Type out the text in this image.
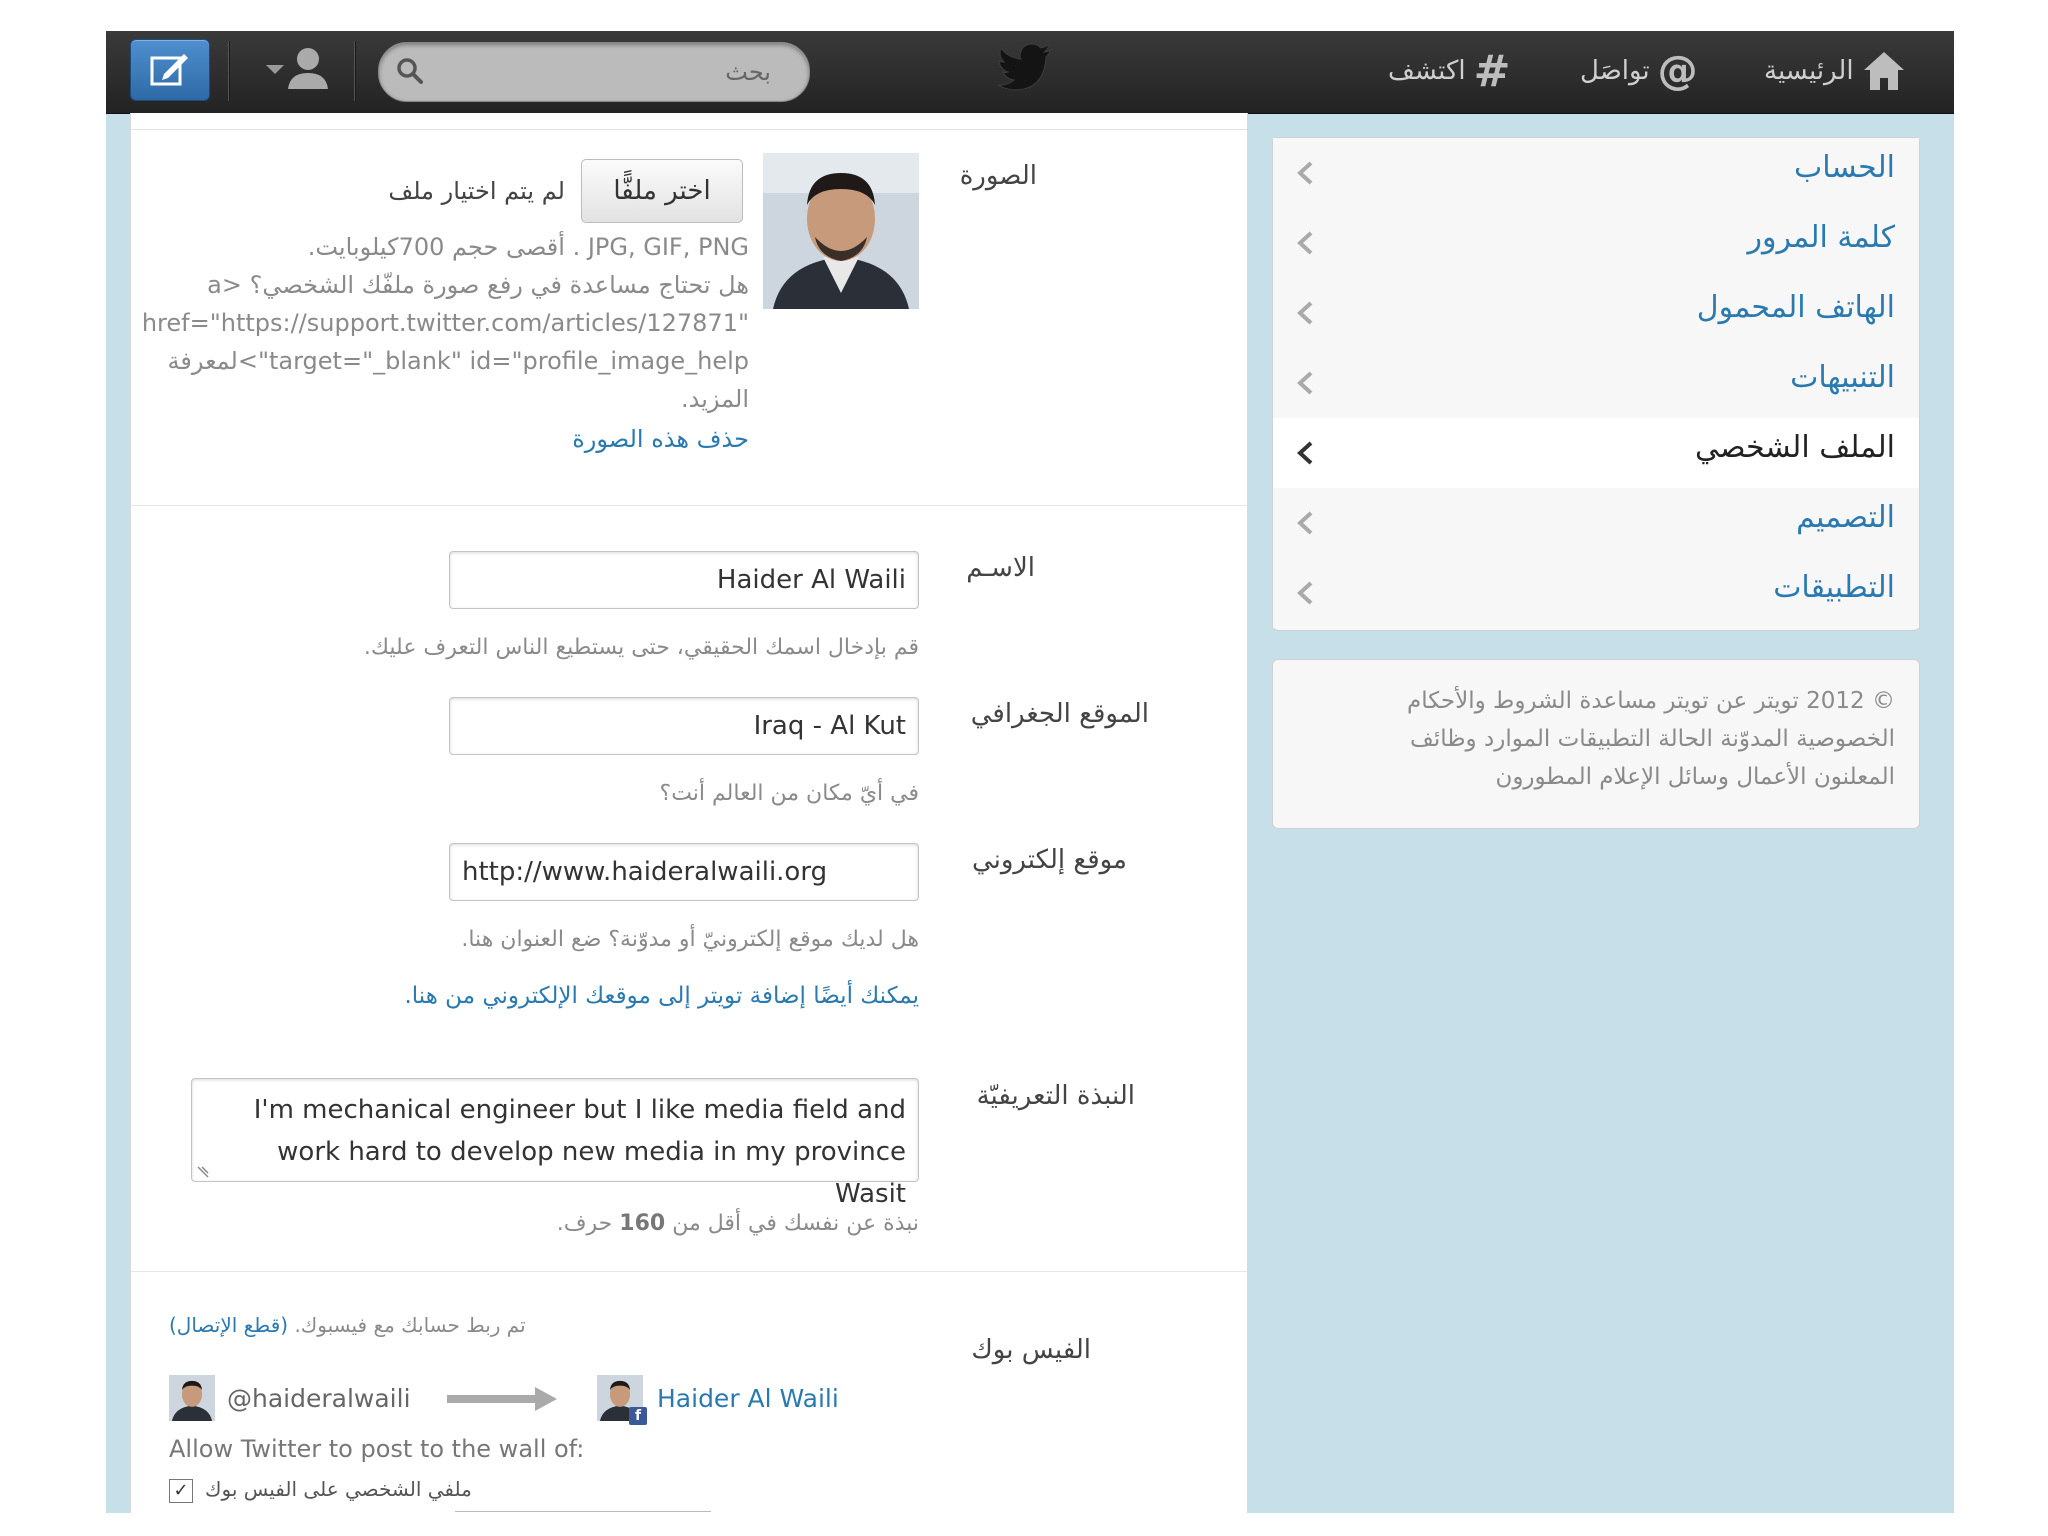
بحث
الرئيسية
@
تواصَل
#
اكتشف
الصورة
اختر ملفًّا
لم يتم اختيار ملف
JPG, GIF, PNG . أقصى حجم 700كيلوبايت.
هل تحتاج مساعدة في رفع صورة ملفّك الشخصي؟ <a
href="https://support.twitter.com/articles/127871"
لمعرفة<"target="_blank" id="profile_image_help
المزيد.
حذف هذه الصورة
الاسـم
Haider Al Waili
قم بإدخال اسمك الحقيقي، حتى يستطيع الناس التعرف عليك.
الموقع الجغرافي
Iraq - Al Kut
في أيّ مكان من العالم أنت؟
موقع إلكتروني
http://www.haideralwaili.org
هل لديك موقع إلكترونيّ أو مدوّنة؟ ضع العنوان هنا.
يمكنك أيضًا إضافة تويتر إلى موقعك الإلكتروني من هنا.
النبذة التعريفيّة
I'm mechanical engineer but I like media field and work hard to develop new media in my province Wasit
نبذة عن نفسك في أقل من 160 حرف.
الفيس بوك
تم ربط حسابك مع فيسبوك. (قطع الإتصال)
@haideralwaili
f
Haider Al Waili
Allow Twitter to post to the wall of:
✓ ملفي الشخصي على الفيس بوك
الحساب
كلمة المرور
الهاتف المحمول
التنبيهات
الملف الشخصي
التصميم
التطبيقات

© 2012 تويتر عن تويتر مساعدة الشروط والأحكام

الخصوصية المدوّنة الحالة التطبيقات الموارد وظائف

المعلنون الأعمال وسائل الإعلام المطورون
